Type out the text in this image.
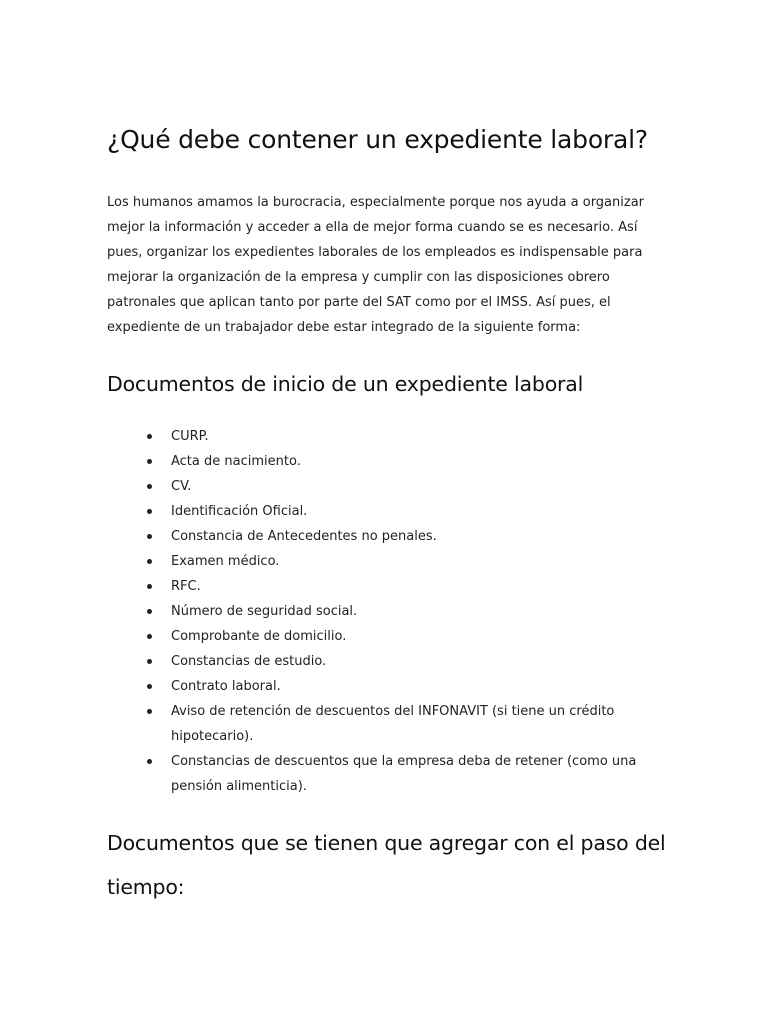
¿Qué debe contener un expediente laboral?

Los humanos amamos la burocracia, especialmente porque nos ayuda a organizar mejor la información y acceder a ella de mejor forma cuando se es necesario. Así pues, organizar los expedientes laborales de los empleados es indispensable para mejorar la organización de la empresa y cumplir con las disposiciones obrero patronales que aplican tanto por parte del SAT como por el IMSS. Así pues, el expediente de un trabajador debe estar integrado de la siguiente forma:

Documentos de inicio de un expediente laboral
CURP.
Acta de nacimiento.
CV.
Identificación Oficial.
Constancia de Antecedentes no penales.
Examen médico.
RFC.
Número de seguridad social.
Comprobante de domicilio.
Constancias de estudio.
Contrato laboral.
Aviso de retención de descuentos del INFONAVIT (si tiene un crédito hipotecario).
Constancias de descuentos que la empresa deba de retener (como una pensión alimenticia).
Documentos que se tienen que agregar con el paso del tiempo:
